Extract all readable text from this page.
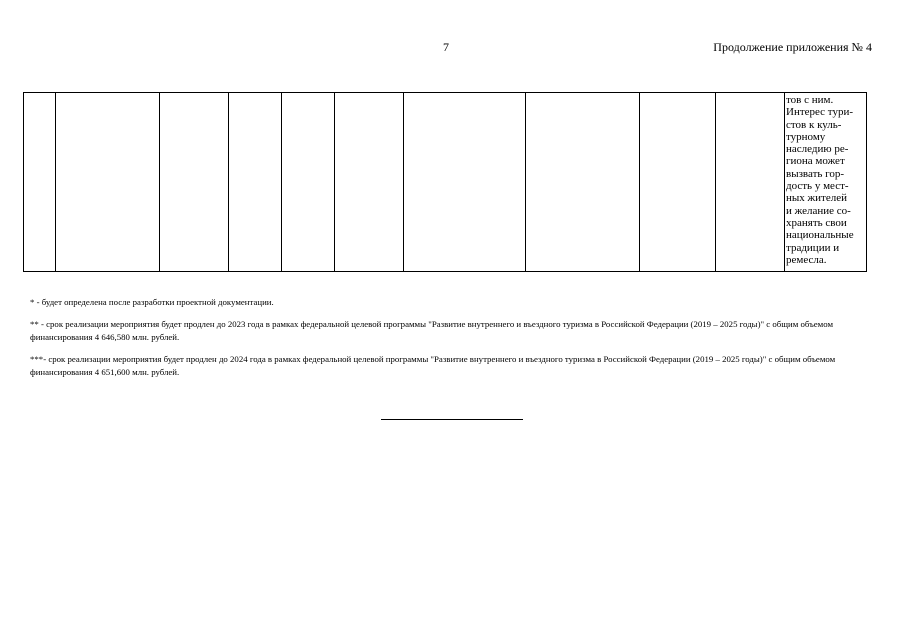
7	Продолжение приложения № 4
тов с ним.
Интерес тури-
стов к куль-
турному
наследию ре-
гиона может
вызвать гор-
дость у мест-
ных жителей
и желание со-
хранять свои
национальные
традиции и
ремесла.
* - будет определена после разработки проектной документации.
** - срок реализации мероприятия будет продлен до 2023 года в рамках федеральной целевой программы "Развитие внутреннего и въездного туризма в Российской Федерации (2019 – 2025 годы)" с общим объемом финансирования 4 646,580 млн. рублей.
***- срок реализации мероприятия будет продлен до 2024 года в рамках федеральной целевой программы "Развитие внутреннего и въездного туризма в Российской Федерации (2019 – 2025 годы)" с общим объемом финансирования 4 651,600 млн. рублей.
